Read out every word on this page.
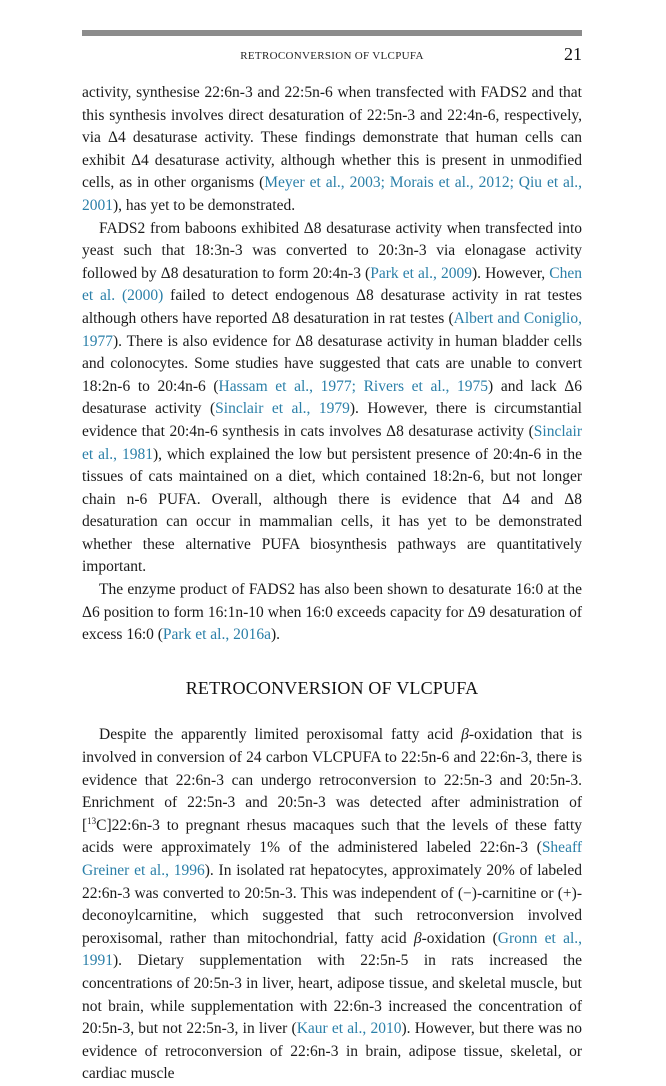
RETROCONVERSION OF VLCPUFA	21

activity, synthesise 22:6n-3 and 22:5n-6 when transfected with FADS2 and that this synthesis involves direct desaturation of 22:5n-3 and 22:4n-6, respectively, via Δ4 desaturase activity. These findings demonstrate that human cells can exhibit Δ4 desaturase activity, although whether this is present in unmodified cells, as in other organisms (Meyer et al., 2003; Morais et al., 2012; Qiu et al., 2001), has yet to be demonstrated.

FADS2 from baboons exhibited Δ8 desaturase activity when transfected into yeast such that 18:3n-3 was converted to 20:3n-3 via elonagase activity followed by Δ8 desaturation to form 20:4n-3 (Park et al., 2009). However, Chen et al. (2000) failed to detect endogenous Δ8 desaturase activity in rat testes although others have reported Δ8 desaturation in rat testes (Albert and Coniglio, 1977). There is also evidence for Δ8 desaturase activity in human bladder cells and colonocytes. Some studies have suggested that cats are unable to convert 18:2n-6 to 20:4n-6 (Hassam et al., 1977; Rivers et al., 1975) and lack Δ6 desaturase activity (Sinclair et al., 1979). However, there is circumstantial evidence that 20:4n-6 synthesis in cats involves Δ8 desaturase activity (Sinclair et al., 1981), which explained the low but persistent presence of 20:4n-6 in the tissues of cats maintained on a diet, which contained 18:2n-6, but not longer chain n-6 PUFA. Overall, although there is evidence that Δ4 and Δ8 desaturation can occur in mammalian cells, it has yet to be demonstrated whether these alternative PUFA biosynthesis pathways are quantitatively important.

The enzyme product of FADS2 has also been shown to desaturate 16:0 at the Δ6 position to form 16:1n-10 when 16:0 exceeds capacity for Δ9 desaturation of excess 16:0 (Park et al., 2016a).

RETROCONVERSION OF VLCPUFA

Despite the apparently limited peroxisomal fatty acid β-oxidation that is involved in conversion of 24 carbon VLCPUFA to 22:5n-6 and 22:6n-3, there is evidence that 22:6n-3 can undergo retroconversion to 22:5n-3 and 20:5n-3. Enrichment of 22:5n-3 and 20:5n-3 was detected after administration of [$^{13}$C]22:6n-3 to pregnant rhesus macaques such that the levels of these fatty acids were approximately 1% of the administered labeled 22:6n-3 (Sheaff Greiner et al., 1996). In isolated rat hepatocytes, approximately 20% of labeled 22:6n-3 was converted to 20:5n-3. This was independent of (−)-carnitine or (+)-deconoylcarnitine, which suggested that such retroconversion involved peroxisomal, rather than mitochondrial, fatty acid β-oxidation (Gronn et al., 1991). Dietary supplementation with 22:5n-5 in rats increased the concentrations of 20:5n-3 in liver, heart, adipose tissue, and skeletal muscle, but not brain, while supplementation with 22:6n-3 increased the concentration of 20:5n-3, but not 22:5n-3, in liver (Kaur et al., 2010). However, but there was no evidence of retroconversion of 22:6n-3 in brain, adipose tissue, skeletal, or cardiac muscle
